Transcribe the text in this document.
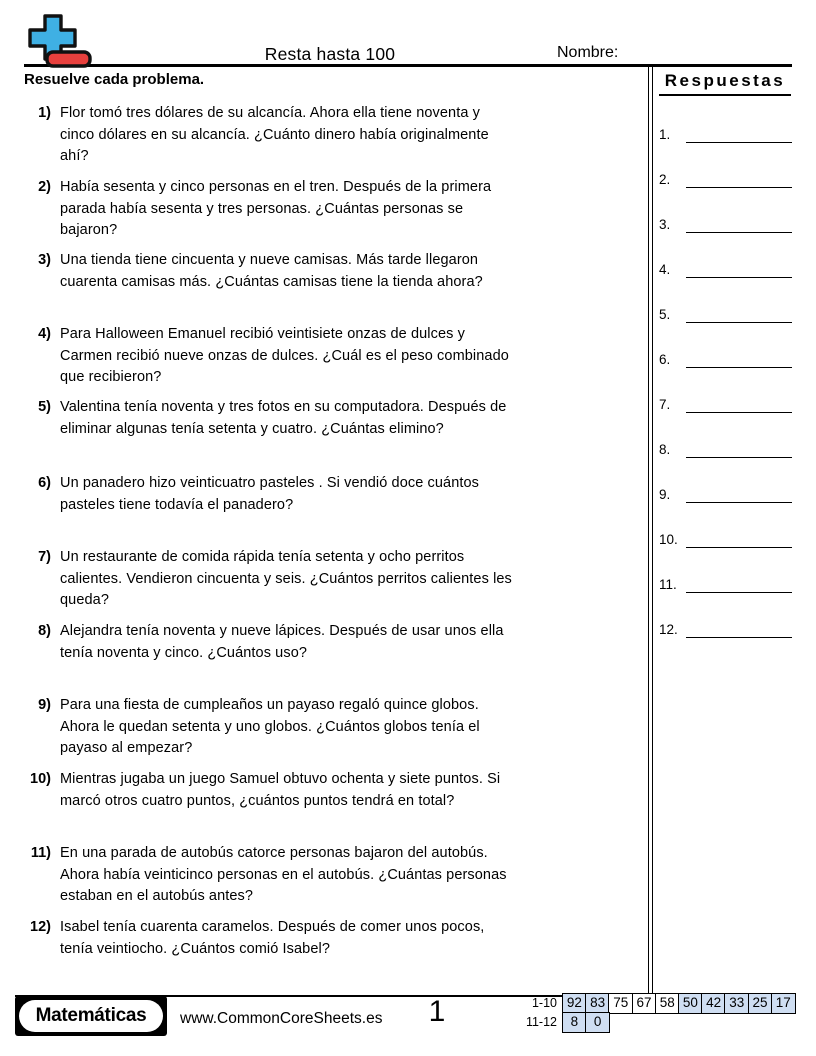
Resta hasta 100	Nombre:
Resuelve cada problema.
1) Flor tomó tres dólares de su alcancía. Ahora ella tiene noventa y cinco dólares en su alcancía. ¿Cuánto dinero había originalmente ahí?
2) Había sesenta y cinco personas en el tren. Después de la primera parada había sesenta y tres personas. ¿Cuántas personas se bajaron?
3) Una tienda tiene cincuenta y nueve camisas. Más tarde llegaron cuarenta camisas más. ¿Cuántas camisas tiene la tienda ahora?
4) Para Halloween Emanuel recibió veintisiete onzas de dulces y Carmen recibió nueve onzas de dulces. ¿Cuál es el peso combinado que recibieron?
5) Valentina tenía noventa y tres fotos en su computadora. Después de eliminar algunas tenía setenta y cuatro. ¿Cuántas elimino?
6) Un panadero hizo veinticuatro pasteles . Si vendió doce cuántos pasteles tiene todavía el panadero?
7) Un restaurante de comida rápida tenía setenta y ocho perritos calientes. Vendieron cincuenta y seis. ¿Cuántos perritos calientes les queda?
8) Alejandra tenía noventa y nueve lápices. Después de usar unos ella tenía noventa y cinco. ¿Cuántos uso?
9) Para una fiesta de cumpleaños un payaso regaló quince globos. Ahora le quedan setenta y uno globos. ¿Cuántos globos tenía el payaso al empezar?
10) Mientras jugaba un juego Samuel obtuvo ochenta y siete puntos. Si marcó otros cuatro puntos, ¿cuántos puntos tendrá en total?
11) En una parada de autobús catorce personas bajaron del autobús. Ahora había veinticinco personas en el autobús. ¿Cuántas personas estaban en el autobús antes?
12) Isabel tenía cuarenta caramelos. Después de comer unos pocos, tenía veintiocho. ¿Cuántos comió Isabel?
Respuestas
1.
2.
3.
4.
5.
6.
7.
8.
9.
10.
11.
12.
Matemáticas www.CommonCoreSheets.es	1	1-10 92 83 75 67 58 50 42 33 25 17
11-12	8	0
